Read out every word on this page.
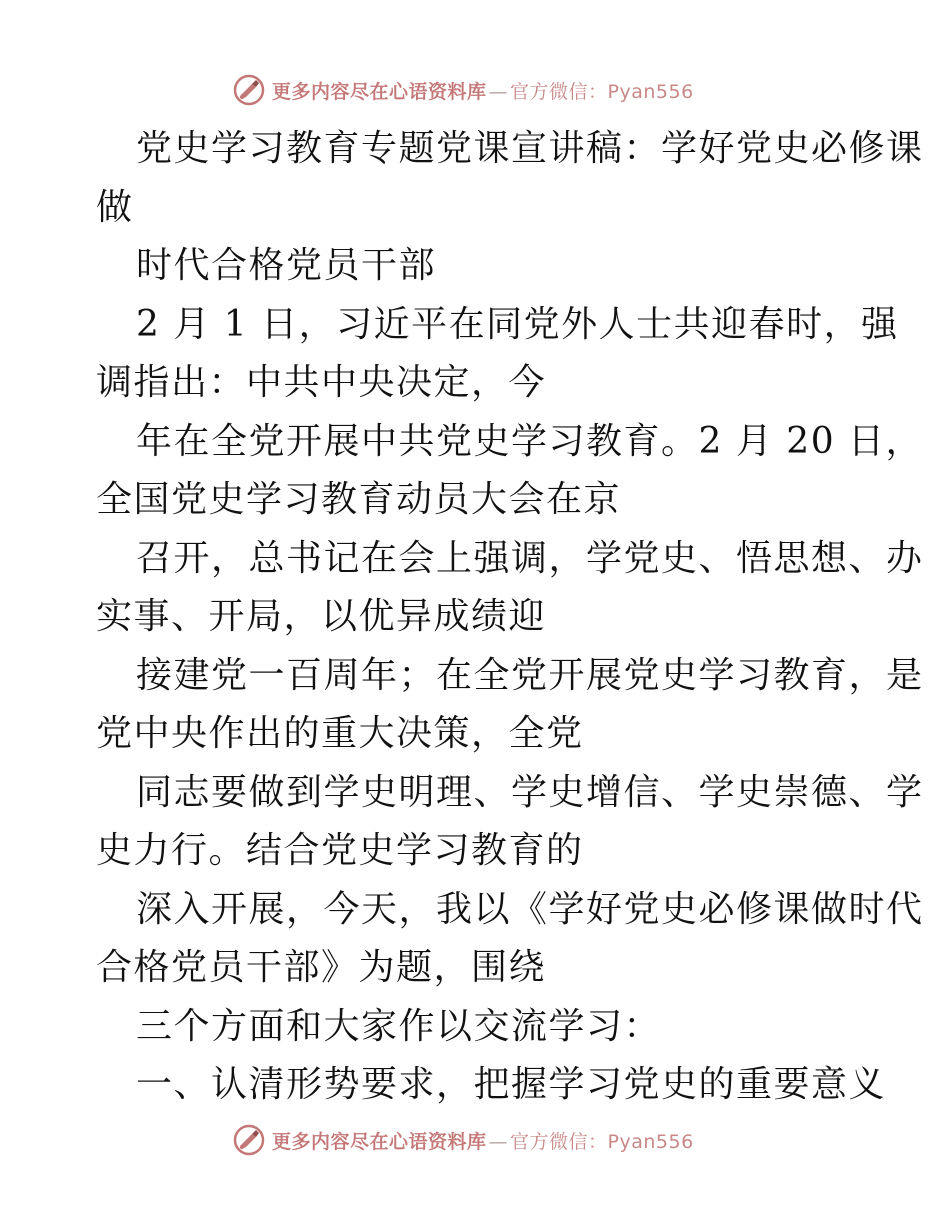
更多内容尽在心语资料库 — 官方微信：Pyan556
党史学习教育专题党课宣讲稿：学好党史必修课
做
时代合格党员干部
2 月 1 日，习近平在同党外人士共迎春时，强
调指出：中共中央决定，今
年在全党开展中共党史学习教育。2 月 20 日，
全国党史学习教育动员大会在京
召开，总书记在会上强调，学党史、悟思想、办
实事、开局，以优异成绩迎
接建党一百周年；在全党开展党史学习教育，是
党中央作出的重大决策，全党
同志要做到学史明理、学史增信、学史崇德、学
史力行。结合党史学习教育的
深入开展，今天，我以《学好党史必修课做时代
合格党员干部》为题，围绕
三个方面和大家作以交流学习：
一、认清形势要求，把握学习党史的重要意义
更多内容尽在心语资料库 — 官方微信：Pyan556
